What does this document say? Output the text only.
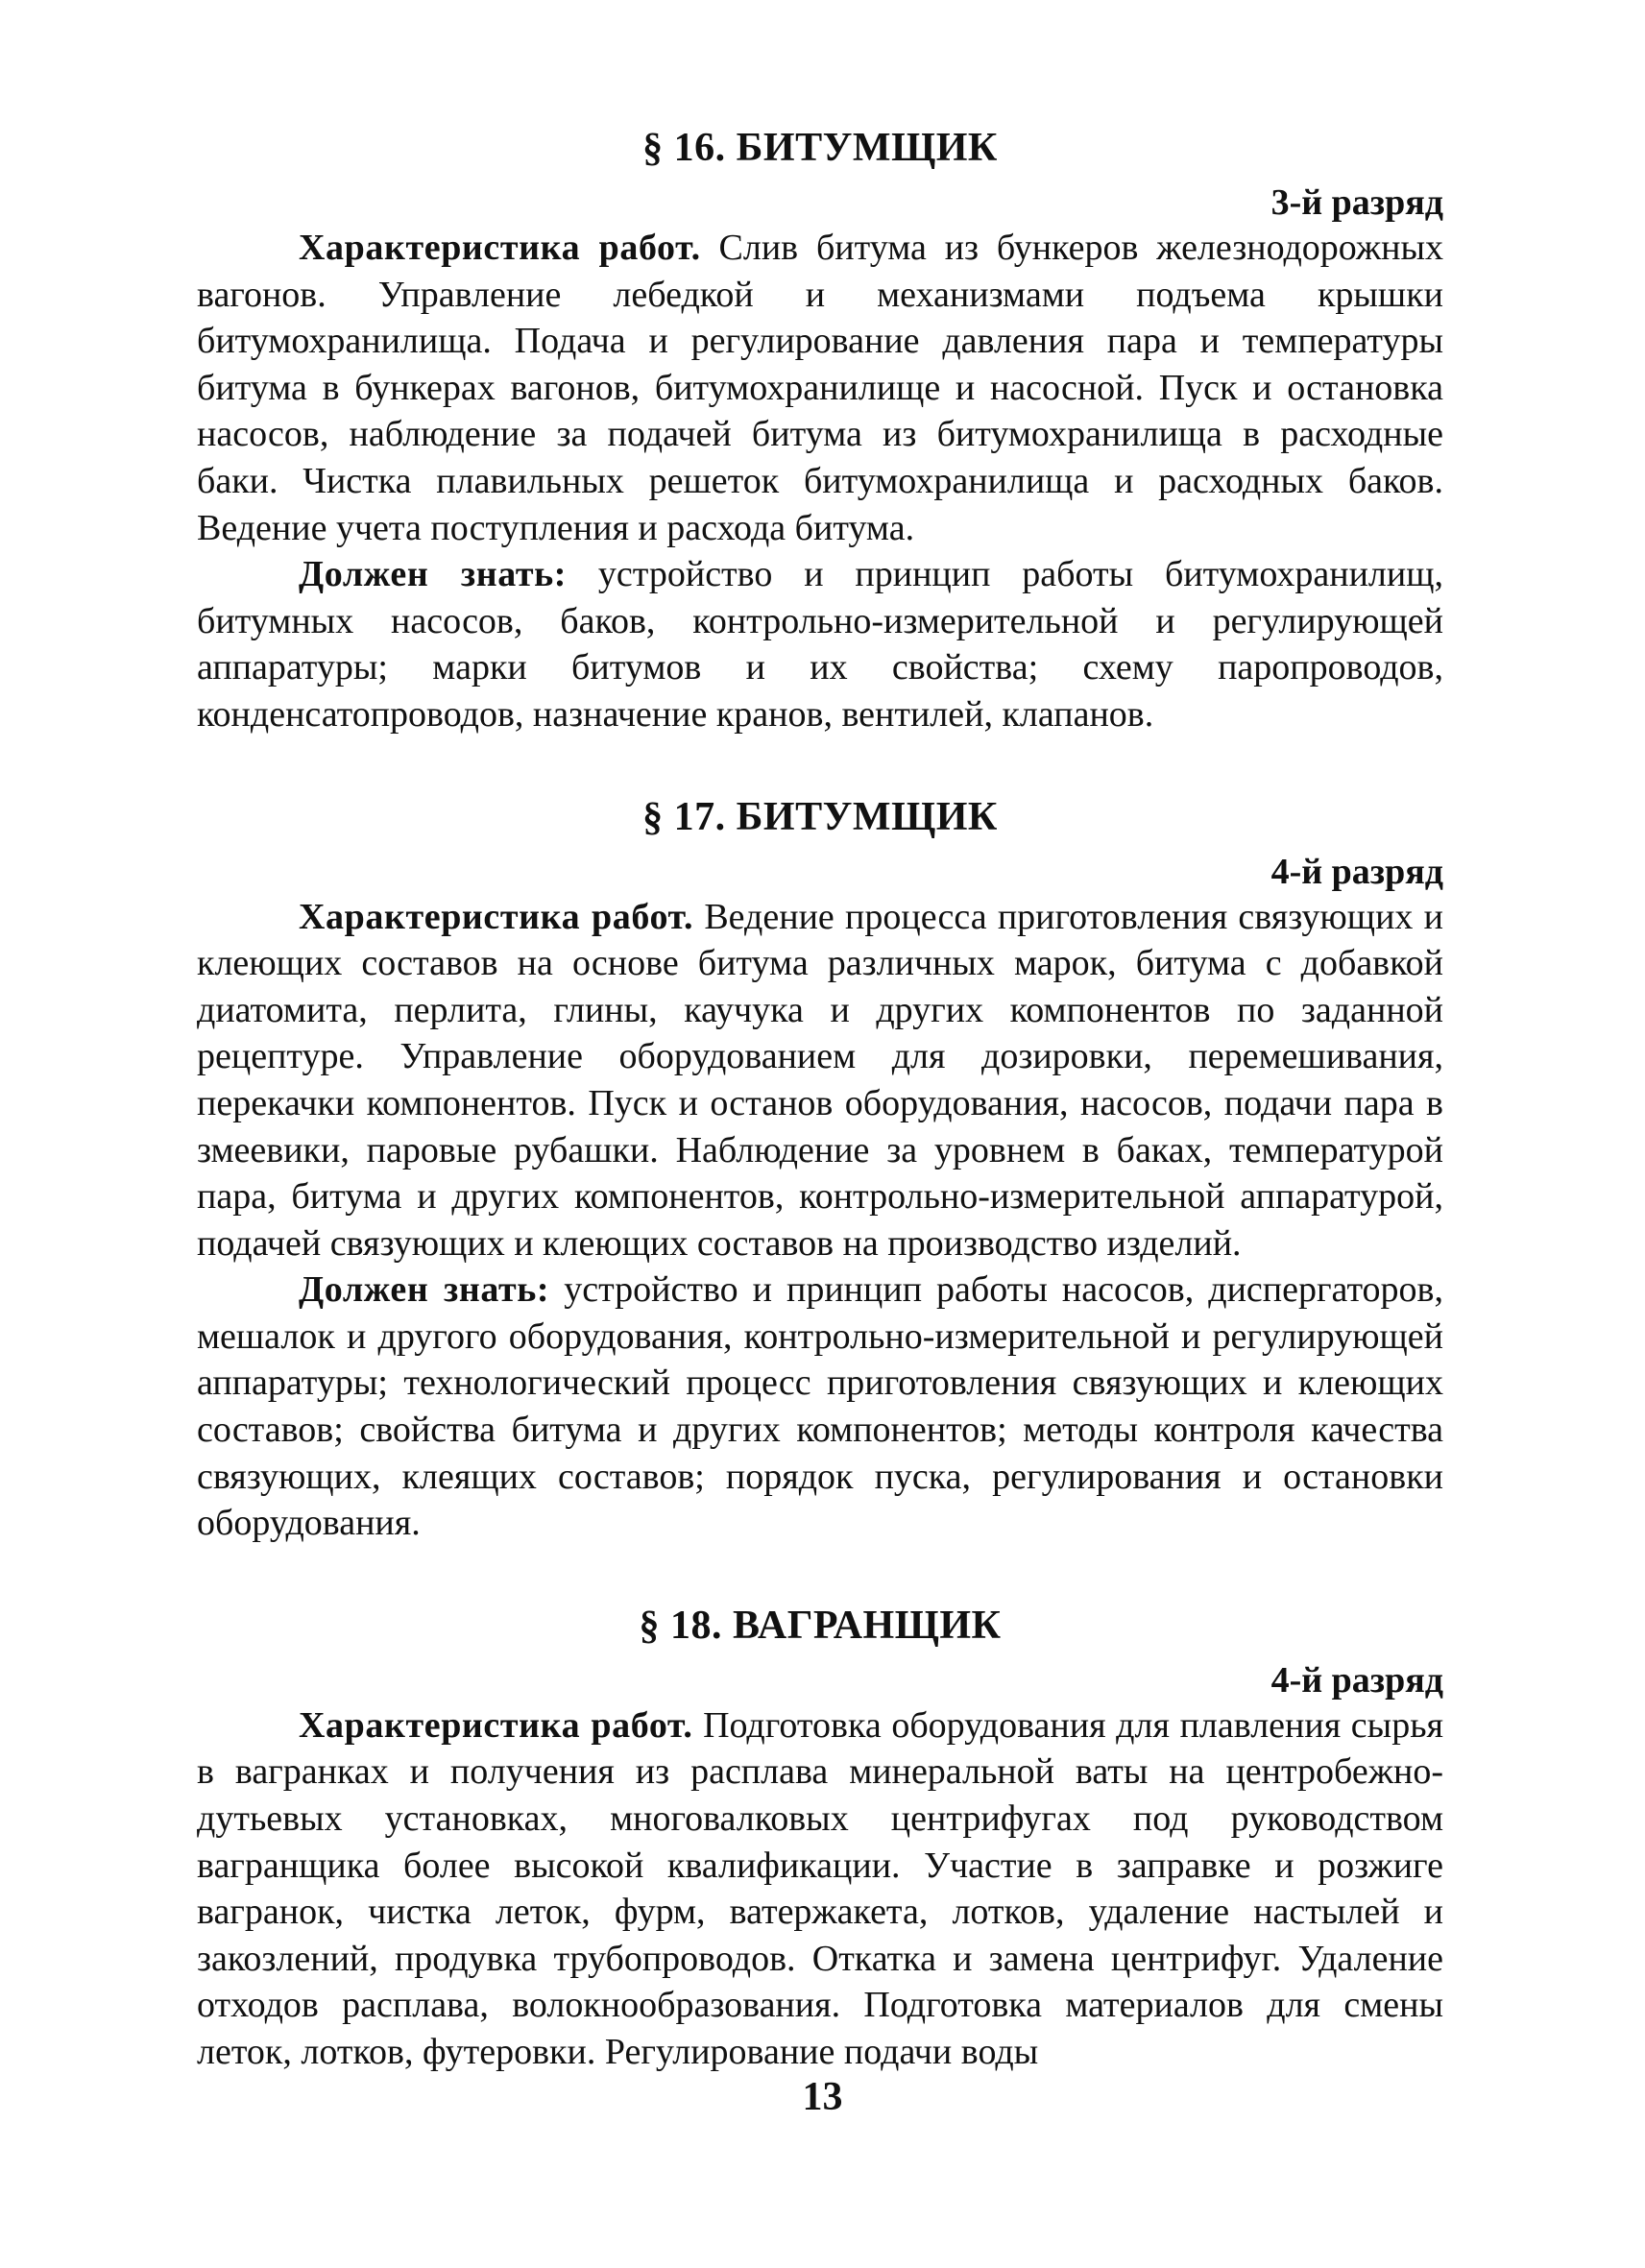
§ 16. БИТУМЩИК

3-й разряд

Характеристика работ. Слив битума из бункеров железнодорожных вагонов. Управление лебедкой и механизмами подъема крышки битумохранилища. Подача и регулирование давления пара и температуры битума в бункерах вагонов, битумохранилище и насосной. Пуск и остановка насосов, наблюдение за подачей битума из битумохранилища в расходные баки. Чистка плавильных решеток битумохранилища и расходных баков. Ведение учета поступления и расхода битума.

Должен знать: устройство и принцип работы битумохранилищ, битумных насосов, баков, контрольно-измерительной и регулирующей аппаратуры; марки битумов и их свойства; схему паропроводов, конденсатопроводов, назначение кранов, вентилей, клапанов.

§ 17. БИТУМЩИК

4-й разряд

Характеристика работ. Ведение процесса приготовления связующих и клеющих составов на основе битума различных марок, битума с добавкой диатомита, перлита, глины, каучука и других компонентов по заданной рецептуре. Управление оборудованием для дозировки, перемешивания, перекачки компонентов. Пуск и останов оборудования, насосов, подачи пара в змеевики, паровые рубашки. Наблюдение за уровнем в баках, температурой пара, битума и других компонентов, контрольно-измерительной аппаратурой, подачей связующих и клеющих составов на производство изделий.

Должен знать: устройство и принцип работы насосов, диспергаторов, мешалок и другого оборудования, контрольно-измерительной и регулирующей аппаратуры; технологический процесс приготовления связующих и клеющих составов; свойства битума и других компонентов; методы контроля качества связующих, клеящих составов; порядок пуска, регулирования и остановки оборудования.

§ 18. ВАГРАНЩИК

4-й разряд

Характеристика работ. Подготовка оборудования для плавления сырья в вагранках и получения из расплава минеральной ваты на центробежно-дутьевых установках, многовалковых центрифугах под руководством вагранщика более высокой квалификации. Участие в заправке и розжиге вагранок, чистка леток, фурм, ватержакета, лотков, удаление настылей и закозлений, продувка трубопроводов. Откатка и замена центрифуг. Удаление отходов расплава, волокнообразования. Подготовка материалов для смены леток, лотков, футеровки. Регулирование подачи воды

13
